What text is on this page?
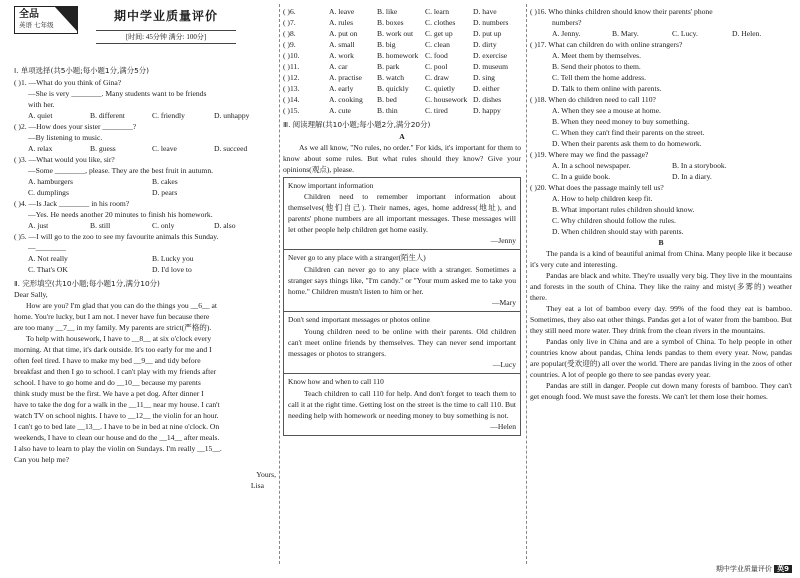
全品
英语 七年级
期中学业质量评价
[时间: 45分钟 满分: 100分]
Ⅰ. 单项选择(共5小题;每小题1分,满分5分)
( )1. —What do you think of Gina?
—She is very ________. Many students want to be friends
with her.
A. quiet	B. different	C. friendly	D. unhappy
( )2. —How does your sister ________?
—By listening to music.
A. relax	B. guess	C. leave	D. succeed
( )3. —What would you like, sir?
—Some ________, please. They are the best fruit in autumn.
A. hamburgers	B. cakes
C. dumplings	D. pears
( )4. —Is Jack ________ in his room?
—Yes. He needs another 20 minutes to finish his homework.
A. just	B. still	C. only	D. also
( )5. —I will go to the zoo to see my favourite animals this Sunday.
—________
A. Not really	B. Lucky you
C. That's OK	D. I'd love to
Ⅱ. 完形填空(共10小题;每小题1分,满分10分)
Dear Sally,
How are you? I'm glad that you can do the things you __6__ at
home. You're lucky, but I am not. I never have fun because there
are too many __7__ in my family. My parents are strict(严格的).
To help with housework, I have to __8__ at six o'clock every
morning. At that time, it's dark outside. It's too early for me and I
often feel tired. I have to make my bed __9__ and tidy before
breakfast and then I go to school. I can't play with my friends after
school. I have to go home and do __10__ because my parents
think study must be the first. We have a pet dog. After dinner I
have to take the dog for a walk in the __11__ near my house. I can't
watch TV on school nights. I have to __12__ the violin for an hour.
I can't go to bed late __13__. I have to be in bed at nine o'clock. On
weekends, I have to clean our house and do the __14__ after meals.
I also have to learn to play the violin on Sundays. I'm really __15__.
Can you help me?
Yours,
Lisa
( )6.	A. leave	B. like	C. learn	D. have
( )7.	A. rules	B. boxes	C. clothes	D. numbers
( )8.	A. put on	B. work out	C. get up	D. put up
( )9.	A. small	B. big	C. clean	D. dirty
( )10.	A. work	B. homework C. food	D. exercise
( )11.	A. car	B. park	C. pool	D. museum
( )12.	A. practise	B. watch	C. draw	D. sing
( )13.	A. early	B. quickly	C. quietly	D. either
( )14.	A. cooking	B. bed	C. housework D. dishes
( )15.	A. cute	B. thin	C. tired	D. happy
Ⅲ. 阅读理解(共10小题;每小题2分,满分20分)
A
As we all know, "No rules, no order." For kids, it's important for them to know about some rules. But what rules should they know? Give your opinions(观点), please.
Know important information
Children need to remember important information about themselves(他们自己). Their names, ages, home address(地址), and parents' phone numbers are all important messages. These messages will let other people help children get home easily.
—Jenny
Never go to any place with a stranger(陌生人)
Children can never go to any place with a stranger. Sometimes a stranger says things like, "I'm candy." or "Your mum asked me to take you home." Children mustn't listen to him or her.
—Mary
Don't send important messages or photos online
Young children need to be online with their parents. Old children can't meet online friends by themselves. They can never send important messages or photos to strangers.
—Lucy
Know how and when to call 110
Teach children to call 110 for help. And don't forget to teach them to call it at the right time. Getting lost on the street is the time to call 110. But needing help with homework or needing money to buy something is not.
—Helen
( )16. Who thinks children should know their parents' phone
numbers?
A. Jenny.	B. Mary.	C. Lucy.	D. Helen.
( )17. What can children do with online strangers?
A. Meet them by themselves.
B. Send their photos to them.
C. Tell them the home address.
D. Talk to them online with parents.
( )18. When do children need to call 110?
A. When they see a mouse at home.
B. When they need money to buy something.
C. When they can't find their parents on the street.
D. When their parents ask them to do homework.
( )19. Where may we find the passage?
A. In a school newspaper.	B. In a storybook.
C. In a guide book.	D. In a diary.
( )20. What does the passage mainly tell us?
A. How to help children keep fit.
B. What important rules children should know.
C. Why children should follow the rules.
D. When children should stay with parents.
B
The panda is a kind of beautiful animal from China. Many people like it because it's very cute and interesting.
Pandas are black and white. They're usually very big. They live in the mountains and forests in the south of China. They like the rainy and misty(多雾的) weather there.
They eat a lot of bamboo every day. 99% of the food they eat is bamboo. Sometimes, they also eat other things. Pandas get a lot of water from the bamboo. But they still need more water. They drink from the clean rivers in the mountains.
Pandas only live in China and are a symbol of China. To help people in other countries know about pandas, China lends pandas to them every year. Now, pandas are popular(受欢迎的) all over the world. There are pandas living in the zoos of other countries. A lot of people go there to see pandas every year.
Pandas are still in danger. People cut down many forests of bamboo. They can't get enough food. We must save the forests. We can't let them lose their homes.
期中学业质量评价 英9
